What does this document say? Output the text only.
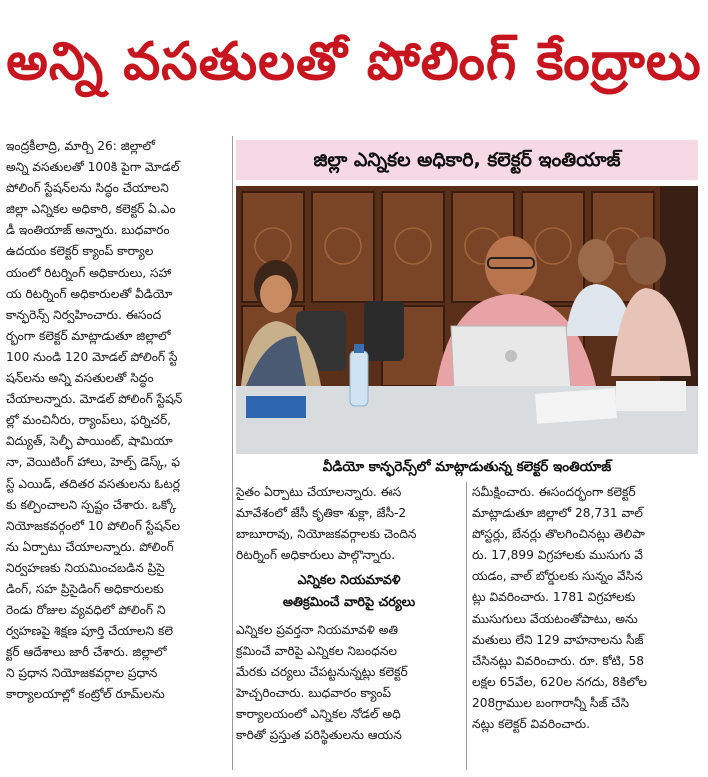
అన్ని వసతులతో పోలింగ్ కేంద్రాలు
ఇంద్రకీలాద్రి, మార్చి 26: జిల్లాలో
అన్ని వసతులతో 100కి పైగా మోడల్
పోలింగ్ స్టేషన్‌లను సిద్ధం చేయాలని
జిల్లా ఎన్నికల అధికారి, కలెక్టర్ ఏ.ఎం
డీ ఇంతియాజ్ అన్నారు. బుధవారం
ఉదయం కలెక్టర్ క్యాంప్ కార్యాల
యంలో రిటర్నింగ్ అధికారులు, సహా
య రిటర్నింగ్ అధికారులతో వీడియో
కాన్ఫరెన్స్ నిర్వహించారు. ఈసంద
ర్భంగా కలెక్టర్ మాట్లాడుతూ జిల్లాలో
100 నుండి 120 మోడల్ పోలింగ్ స్టే
షన్‌లను అన్ని వసతులతో సిద్ధం
చేయాలన్నారు. మోడల్ పోలింగ్ స్టేషన్
ల్లో మంచినీరు, ర్యాంప్‌లు, ఫర్నిచర్,
విద్యుత్, సెల్ఫీ పాయింట్, షామియా
నా, వెయిటింగ్ హాలు, హెల్ప్ డెస్క్, ఫ
స్ట్ ఎయిడ్, తదితర వసతులను ఓటర్ల
కు కల్పించాలని స్పష్టం చేశారు. ఒక్కో
నియోజకవర్గంలో 10 పోలింగ్ స్టేషన్‌ల
ను ఏర్పాటు చేయాలన్నారు. పోలింగ్
నిర్వహణకు నియమించబడిన ప్రిసై
డింగ్, సహ ప్రిసైడింగ్ అధికారులకు
రెండు రోజుల వ్యవధిలో పోలింగ్ ని
ర్వహణపై శిక్షణ పూర్తి చేయాలని కలె
క్టర్ ఆదేశాలు జారీ చేశారు. జిల్లాలో
ని ప్రధాన నియోజకవర్గాల ప్రధాన
కార్యాలయాల్లో కంట్రోల్ రూమ్‌లను
జిల్లా ఎన్నికల అధికారి, కలెక్టర్ ఇంతియాజ్
వీడియో కాన్ఫరెన్స్‌లో మాట్లాడుతున్న కలెక్టర్ ఇంతియాజ్
సైతం ఏర్పాటు చేయాలన్నారు. ఈస
మావేశంలో జేసీ కృతికా శుక్లా, జేసీ-2
బాబూరావు, నియోజకవర్గాలకు చెందిన
రిటర్నింగ్ అధికారులు పాల్గొన్నారు.
ఎన్నికల నియమావళి
అతిక్రమించే వారిపై చర్యలు
ఎన్నికల ప్రవర్తనా నియమావళి అతి
క్రమించే వారిపై ఎన్నికల నిబంధనల
మేరకు చర్యలు చేపట్టనున్నట్లు కలెక్టర్
హెచ్చరించారు. బుధవారం క్యాంప్
కార్యాలయంలో ఎన్నికల నోడల్ అధి
కారితో ప్రస్తుత పరిస్థితులను ఆయన
సమీక్షించారు. ఈసందర్భంగా కలెక్టర్
మాట్లాడుతూ జిల్లాలో 28,731 వాల్
పోస్టర్లు, బేనర్లు తొలగించినట్లు తెలిపా
రు. 17,899 విగ్రహాలకు ముసుగు వే
యడం, వాల్ బోర్డులకు సున్నం వేసిన
ట్లు వివరించారు. 1781 విగ్రహాలకు
ముసుగులు వేయటంతోపాటు, అను
మతులు లేని 129 వాహనాలను సీజ్
చేసినట్లు వివరించారు. రూ. కోటి, 58
లక్షల 65వేల, 620ల నగదు, 8కిలోల
208గ్రాముల బంగారాన్నీ సీజ్ చేసి
నట్లు కలెక్టర్ వివరించారు.
